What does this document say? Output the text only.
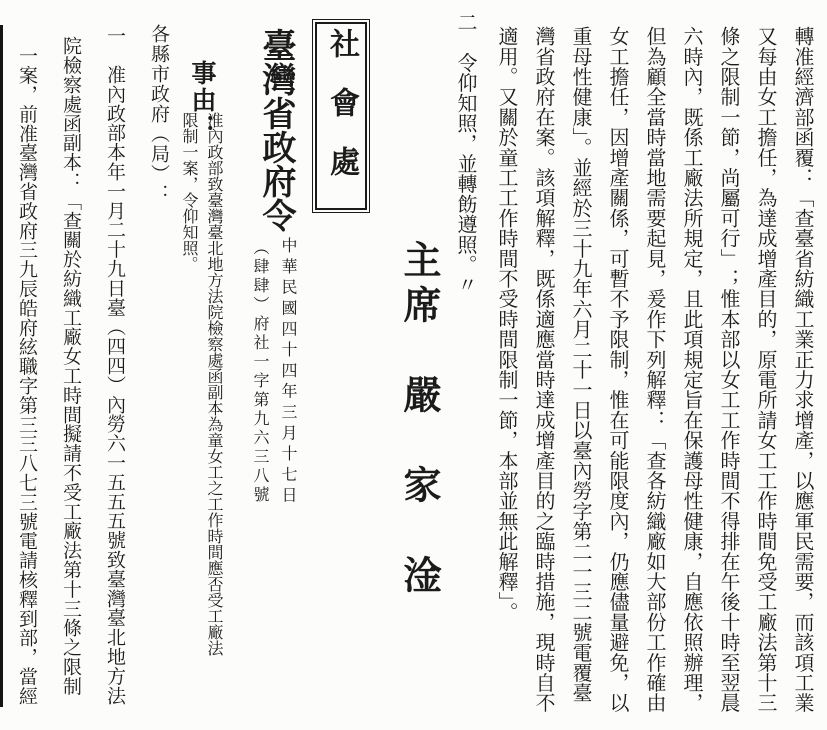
轉准經濟部函覆：「查臺省紡織工業正力求增產，以應軍民需要，而該項工業
又每由女工擔任，為達成增產目的，原電所請女工工作時間免受工廠法第十三
條之限制一節，尚屬可行」；惟本部以女工工作時間不得排在午後十時至翌晨
六時內，既係工廠法所規定，且此項規定旨在保護母性健康，自應依照辦理，
但為顧全當時當地需要起見，爰作下列解釋：「查各紡織廠如大部份工作確由
女工擔任，因增產關係，可暫不予限制，惟在可能限度內，仍應儘量避免，以
重母性健康」。並經於三十九年六月二十一日以臺內勞字第二一三二號電覆臺
灣省政府在案。該項解釋，既係適應當時達成增產目的之臨時措施，現時自不
適用。又關於童工工作時間不受時間限制一節，本部並無此解釋」。
二　令仰知照，並轉飭遵照。〃
主席　嚴　家　淦
社會處
臺灣省政府令
中華民國四十四年三月十七日
（肆肆）府社一字第九六三八號
事由：
准內政部致臺灣臺北地方法院檢察處函副本為童女工之工作時間應否受工廠法
限制一案，令仰知照。
各縣市政府（局）：
一　准內政部本年一月二十九日臺（四四）內勞六一五五五號致臺灣臺北地方法
院檢察處函副本：「查關於紡織工廠女工時間擬請不受工廠法第十三條之限制
一案，前准臺灣省政府三九辰皓府絃職字第三三八七三號電請核釋到部，當經
